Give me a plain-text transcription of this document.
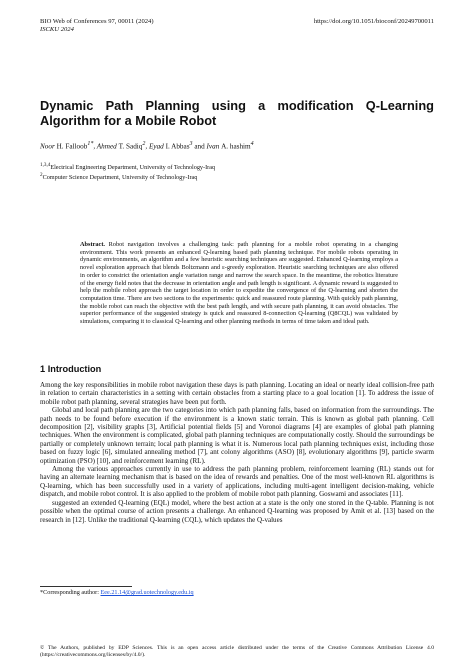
BIO Web of Conferences 97, 00011 (2024)
ISCKU 2024
https://doi.org/10.1051/bioconf/20249700011
Dynamic Path Planning using a modification Q-Learning
Algorithm for a Mobile Robot
Noor H. Falloob$^{1*}$, Ahmed T. Sadiq$^2$, Eyad I. Abbas$^3$ and Ivan A. hashim$^4$
$^{1,3,4}$Electrical Engineering Department, University of Technology-Iraq
$^2$Computer Science Department, University of Technology-Iraq
Abstract. Robot navigation involves a challenging task: path planning for a mobile robot operating in a changing environment. This work presents an enhanced Q-learning based path planning technique. For mobile robots operating in dynamic environments, an algorithm and a few heuristic searching techniques are suggested. Enhanced Q-learning employs a novel exploration approach that blends Boltzmann and ε-greedy exploration. Heuristic searching techniques are also offered in order to constrict the orientation angle variation range and narrow the search space. In the meantime, the robotics literature of the energy field notes that the decrease in orientation angle and path length is significant. A dynamic reward is suggested to help the mobile robot approach the target location in order to expedite the convergence of the Q-learning and shorten the computation time. There are two sections to the experiments: quick and reassured route planning. With quickly path planning, the mobile robot can reach the objective with the best path length, and with secure path planning, it can avoid obstacles. The superior performance of the suggested strategy is quick and reassured 8-connection Q-learning (Q8CQL) was validated by simulations, comparing it to classical Q-learning and other planning methods in terms of time taken and ideal path.
1 Introduction

Among the key responsibilities in mobile robot navigation these days is path planning. Locating an ideal or nearly ideal collision-free path in relation to certain characteristics in a setting with certain obstacles from a starting place to a goal location [1]. To address the issue of mobile robot path planning, several strategies have been put forth.

Global and local path planning are the two categories into which path planning falls, based on information from the surroundings. The path needs to be found before execution if the environment is a known static terrain. This is known as global path planning. Cell decomposition [2], visibility graphs [3], Artificial potential fields [5] and Voronoi diagrams [4] are examples of global path planning techniques. When the environment is complicated, global path planning techniques are computationally costly. Should the surroundings be partially or completely unknown terrain; local path planning is what it is. Numerous local path planning techniques exist, including those based on fuzzy logic [6], simulated annealing method [7], ant colony algorithms (ASO) [8], evolutionary algorithms [9], particle swarm optimization (PSO) [10], and reinforcement learning (RL).

Among the various approaches currently in use to address the path planning problem, reinforcement learning (RL) stands out for having an alternate learning mechanism that is based on the idea of rewards and penalties. One of the most well-known RL algorithms is Q-learning, which has been successfully used in a variety of applications, including multi-agent intelligent decision-making, vehicle dispatch, and mobile robot control. It is also applied to the problem of mobile robot path planning. Goswami and associates [11].

suggested an extended Q-learning (EQL) model, where the best action at a state is the only one stored in the Q-table. Planning is not possible when the optimal course of action presents a challenge. An enhanced Q-learning was proposed by Amit et al. [13] based on the research in [12]. Unlike the traditional Q-learning (CQL), which updates the Q-values

*Corresponding author: Eee.21.14@grad.uotechnology.edu.iq
© The Authors, published by EDP Sciences. This is an open access article distributed under the terms of the Creative Commons Attribution License 4.0 (https://creativecommons.org/licenses/by/4.0/).
